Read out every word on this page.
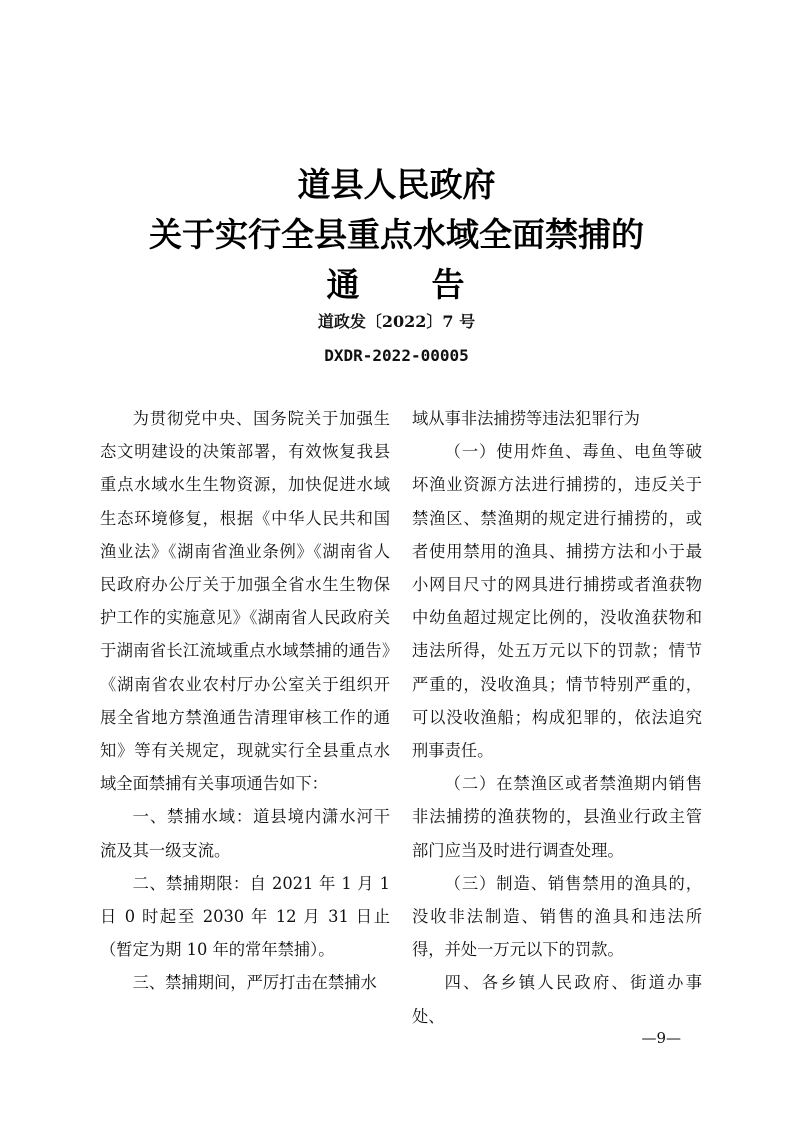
道县人民政府
关于实行全县重点水域全面禁捕的
通　　告
道政发〔2022〕7 号
DXDR-2022-00005

为贯彻党中央、国务院关于加强生态文明建设的决策部署，有效恢复我县重点水域水生生物资源，加快促进水域生态环境修复，根据《中华人民共和国渔业法》《湖南省渔业条例》《湖南省人民政府办公厅关于加强全省水生生物保护工作的实施意见》《湖南省人民政府关于湖南省长江流域重点水域禁捕的通告》《湖南省农业农村厅办公室关于组织开展全省地方禁渔通告清理审核工作的通知》等有关规定，现就实行全县重点水域全面禁捕有关事项通告如下：

一、禁捕水域：道县境内潇水河干流及其一级支流。

二、禁捕期限：自 2021 年 1 月 1 日 0 时起至 2030 年 12 月 31 日止（暂定为期 10 年的常年禁捕）。

三、禁捕期间，严厉打击在禁捕水

域从事非法捕捞等违法犯罪行为

（一）使用炸鱼、毒鱼、电鱼等破坏渔业资源方法进行捕捞的，违反关于禁渔区、禁渔期的规定进行捕捞的，或者使用禁用的渔具、捕捞方法和小于最小网目尺寸的网具进行捕捞或者渔获物中幼鱼超过规定比例的，没收渔获物和违法所得，处五万元以下的罚款；情节严重的，没收渔具；情节特别严重的，可以没收渔船；构成犯罪的，依法追究刑事责任。

（二）在禁渔区或者禁渔期内销售非法捕捞的渔获物的，县渔业行政主管部门应当及时进行调查处理。

（三）制造、销售禁用的渔具的，没收非法制造、销售的渔具和违法所得，并处一万元以下的罚款。

四、各乡镇人民政府、街道办事处、

—9—
